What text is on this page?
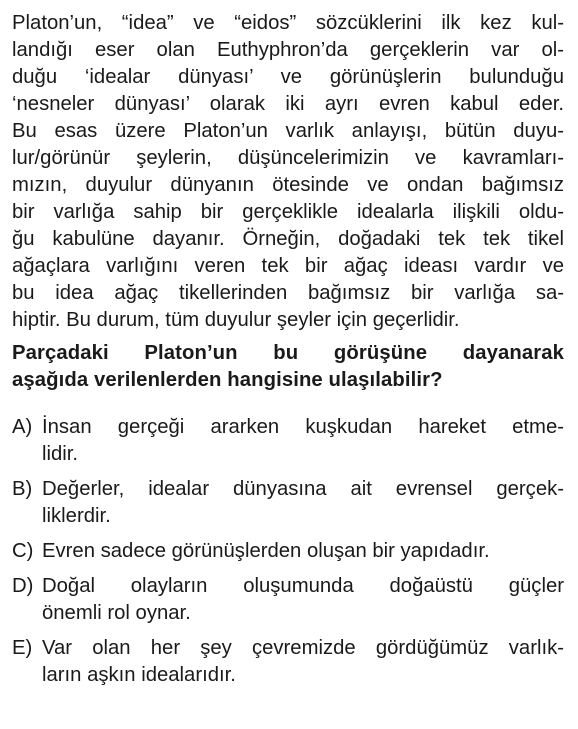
Platon’un, “idea” ve “eidos” sözcüklerini ilk kez kul-
landığı eser olan Euthyphron’da gerçeklerin var ol-
duğu ‘idealar dünyası’ ve görünüşlerin bulunduğu
‘nesneler dünyası’ olarak iki ayrı evren kabul eder.
Bu esas üzere Platon’un varlık anlayışı, bütün duyu-
lur/görünür şeylerin, düşüncelerimizin ve kavramları-
mızın, duyulur dünyanın ötesinde ve ondan bağımsız
bir varlığa sahip bir gerçeklikle idealarla ilişkili oldu-
ğu kabulüne dayanır. Örneğin, doğadaki tek tek tikel
ağaçlara varlığını veren tek bir ağaç ideası vardır ve
bu idea ağaç tikellerinden bağımsız bir varlığa sa-
hiptir. Bu durum, tüm duyulur şeyler için geçerlidir.
Parçadaki Platon’un bu görüşüne dayanarak
aşağıda verilenlerden hangisine ulaşılabilir?
A) İnsan gerçeği ararken kuşkudan hareket etme-
lidir.
B) Değerler, idealar dünyasına ait evrensel gerçek-
liklerdir.
C) Evren sadece görünüşlerden oluşan bir yapıdadır.
D) Doğal olayların oluşumunda doğaüstü güçler
önemli rol oynar.
E) Var olan her şey çevremizde gördüğümüz varlık-
ların aşkın idealarıdır.
